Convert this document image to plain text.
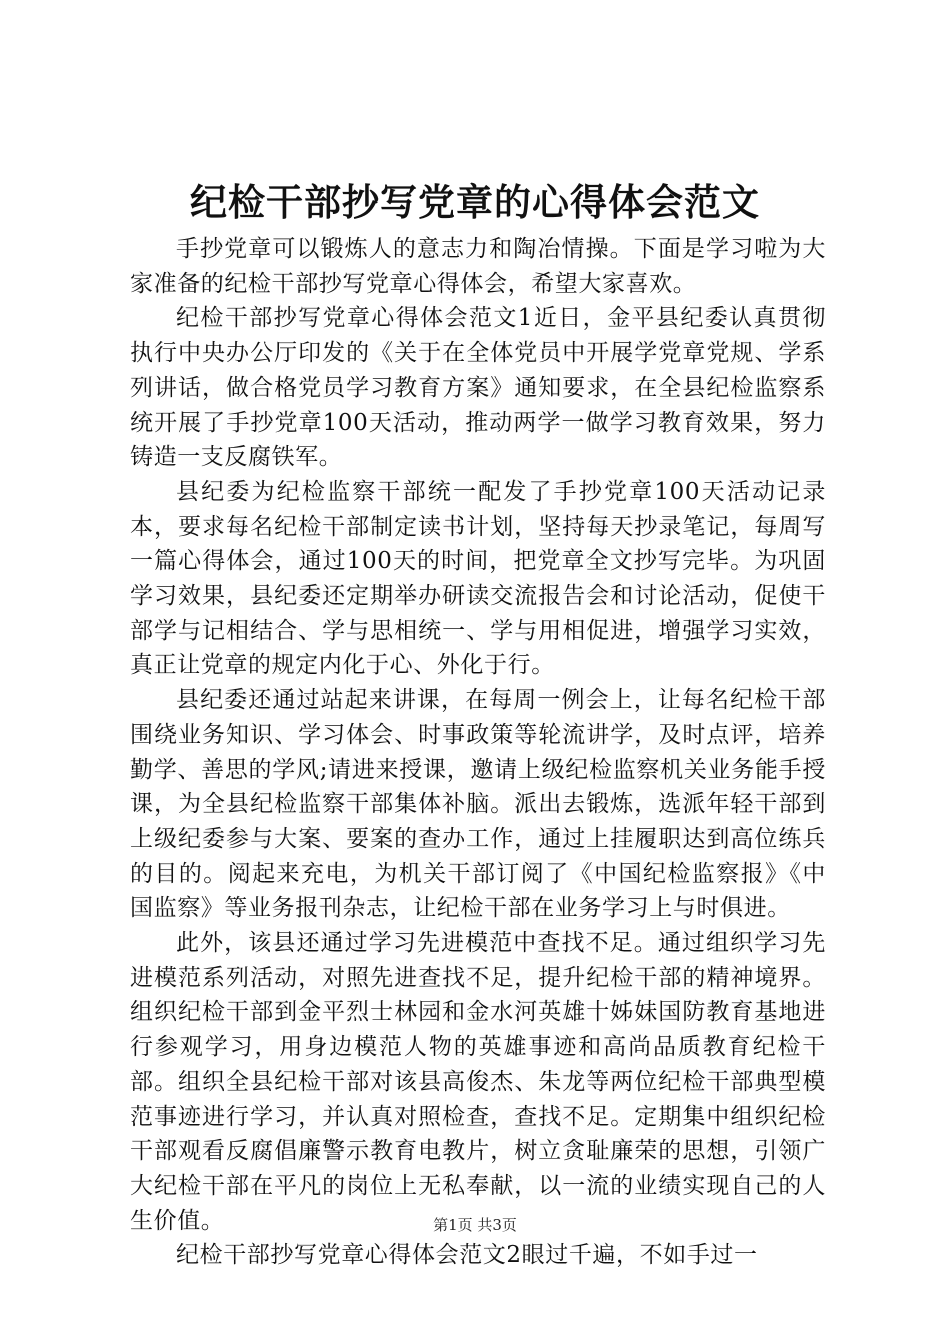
纪检干部抄写党章的心得体会范文

手抄党章可以锻炼人的意志力和陶冶情操。下面是学习啦为大家准备的纪检干部抄写党章心得体会，希望大家喜欢。

纪检干部抄写党章心得体会范文1近日，金平县纪委认真贯彻执行中央办公厅印发的《关于在全体党员中开展学党章党规、学系列讲话，做合格党员学习教育方案》通知要求，在全县纪检监察系统开展了手抄党章100天活动，推动两学一做学习教育效果，努力铸造一支反腐铁军。

县纪委为纪检监察干部统一配发了手抄党章100天活动记录本，要求每名纪检干部制定读书计划，坚持每天抄录笔记，每周写一篇心得体会，通过100天的时间，把党章全文抄写完毕。为巩固学习效果，县纪委还定期举办研读交流报告会和讨论活动，促使干部学与记相结合、学与思相统一、学与用相促进，增强学习实效，真正让党章的规定内化于心、外化于行。

县纪委还通过站起来讲课，在每周一例会上，让每名纪检干部围绕业务知识、学习体会、时事政策等轮流讲学，及时点评，培养勤学、善思的学风;请进来授课，邀请上级纪检监察机关业务能手授课，为全县纪检监察干部集体补脑。派出去锻炼，选派年轻干部到上级纪委参与大案、要案的查办工作，通过上挂履职达到高位练兵的目的。阅起来充电，为机关干部订阅了《中国纪检监察报》《中国监察》等业务报刊杂志，让纪检干部在业务学习上与时俱进。

此外，该县还通过学习先进模范中查找不足。通过组织学习先进模范系列活动，对照先进查找不足，提升纪检干部的精神境界。组织纪检干部到金平烈士林园和金水河英雄十姊妹国防教育基地进行参观学习，用身边模范人物的英雄事迹和高尚品质教育纪检干部。组织全县纪检干部对该县高俊杰、朱龙等两位纪检干部典型模范事迹进行学习，并认真对照检查，查找不足。定期集中组织纪检干部观看反腐倡廉警示教育电教片，树立贪耻廉荣的思想，引领广大纪检干部在平凡的岗位上无私奉献，以一流的业绩实现自己的人生价值。

纪检干部抄写党章心得体会范文2眼过千遍，不如手过一

第1页 共3页
